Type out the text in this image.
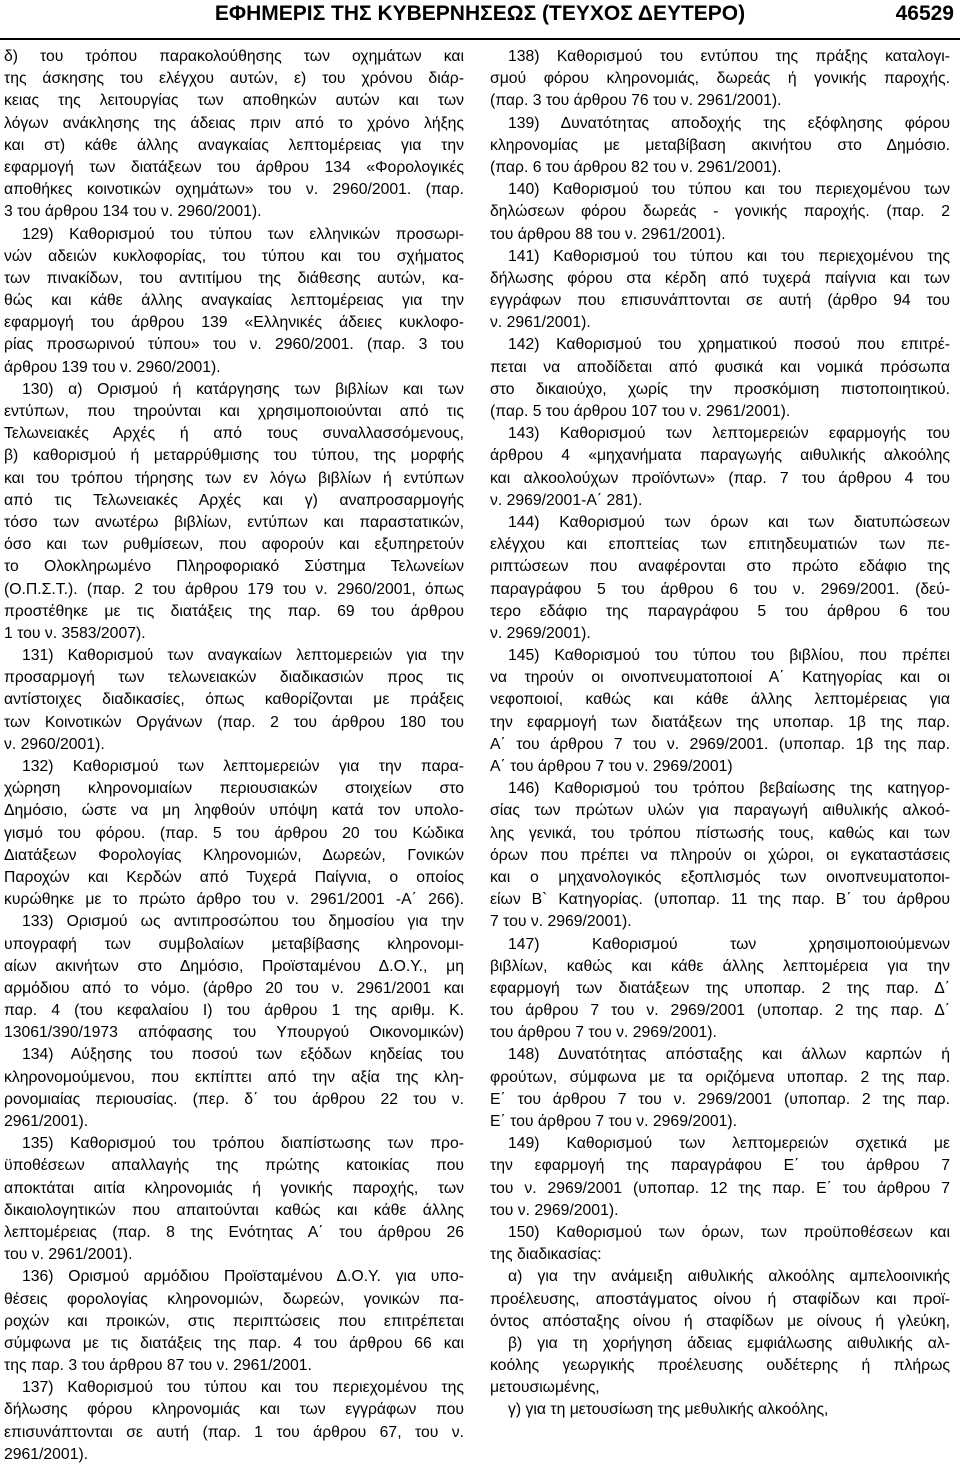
ΕΦΗΜΕΡΙΣ ΤΗΣ ΚΥΒΕΡΝΗΣΕΩΣ (ΤΕΥΧΟΣ ΔΕΥΤΕΡΟ)	46529
δ) του τρόπου παρακολούθησης των οχημάτων και
της άσκησης του ελέγχου αυτών, ε) του χρόνου διάρ‐
κειας της λειτουργίας των αποθηκών αυτών και των
λόγων ανάκλησης της άδειας πριν από το χρόνο λήξης
και στ) κάθε άλλης αναγκαίας λεπτομέρειας για την
εφαρμογή των διατάξεων του άρθρου 134 «Φορολογικές
αποθήκες κοινοτικών οχημάτων» του ν. 2960/2001. (παρ.
3 του άρθρου 134 του ν. 2960/2001).
129) Καθορισμού του τύπου των ελληνικών προσωρι‐
νών αδειών κυκλοφορίας, του τύπου και του σχήματος
των πινακίδων, του αντιτίμου της διάθεσης αυτών, κα‐
θώς και κάθε άλλης αναγκαίας λεπτομέρειας για την
εφαρμογή του άρθρου 139 «Ελληνικές άδειες κυκλοφο‐
ρίας προσωρινού τύπου» του ν. 2960/2001. (παρ. 3 του
άρθρου 139 του ν. 2960/2001).
130) α) Ορισμού ή κατάργησης των βιβλίων και των
εντύπων, που τηρούνται και χρησιμοποιούνται από τις
Τελωνειακές Αρχές ή από τους συναλλασσόμενους,
β) καθορισμού ή μεταρρύθμισης του τύπου, της μορφής
και του τρόπου τήρησης των εν λόγω βιβλίων ή εντύπων
από τις Τελωνειακές Αρχές και γ) αναπροσαρμογής
τόσο των ανωτέρω βιβλίων, εντύπων και παραστατικών,
όσο και των ρυθμίσεων, που αφορούν και εξυπηρετούν
το Ολοκληρωμένο Πληροφοριακό Σύστημα Τελωνείων
(Ο.Π.Σ.Τ.). (παρ. 2 του άρθρου 179 του ν. 2960/2001, όπως
προστέθηκε με τις διατάξεις της παρ. 69 του άρθρου
1 του ν. 3583/2007).
131) Καθορισμού των αναγκαίων λεπτομερειών για την
προσαρμογή των τελωνειακών διαδικασιών προς τις
αντίστοιχες διαδικασίες, όπως καθορίζονται με πράξεις
των Κοινοτικών Οργάνων (παρ. 2 του άρθρου 180 του
ν. 2960/2001).
132) Καθορισμού των λεπτομερειών για την παρα‐
χώρηση κληρονομιαίων περιουσιακών στοιχείων στο
Δημόσιο, ώστε να μη ληφθούν υπόψη κατά τον υπολο‐
γισμό του φόρου. (παρ. 5 του άρθρου 20 του Κώδικα
Διατάξεων Φορολογίας Κληρονομιών, Δωρεών, Γονικών
Παροχών και Κερδών από Τυχερά Παίγνια, ο οποίος
κυρώθηκε με το πρώτο άρθρο του ν. 2961/2001 ‐Α΄ 266).
133) Ορισμού ως αντιπροσώπου του δημοσίου για την
υπογραφή των συμβολαίων μεταβίβασης κληρονομι‐
αίων ακινήτων στο Δημόσιο, Προϊσταμένου Δ.Ο.Υ., μη
αρμόδιου από το νόμο. (άρθρο 20 του ν. 2961/2001 και
παρ. 4 (του κεφαλαίου Ι) του άρθρου 1 της αριθμ. Κ.
13061/390/1973 απόφασης του Υπουργού Οικονομικών)
134) Αύξησης του ποσού των εξόδων κηδείας του
κληρονομούμενου, που εκπίπτει από την αξία της κλη‐
ρονομιαίας περιουσίας. (περ. δ΄ του άρθρου 22 του ν.
2961/2001).
135) Καθορισμού του τρόπου διαπίστωσης των προ‐
ϋποθέσεων απαλλαγής της πρώτης κατοικίας που
αποκτάται αιτία κληρονομιάς ή γονικής παροχής, των
δικαιολογητικών που απαιτούνται καθώς και κάθε άλλης
λεπτομέρειας (παρ. 8 της Ενότητας Α΄ του άρθρου 26
του ν. 2961/2001).
136) Ορισμού αρμόδιου Προϊσταμένου Δ.Ο.Υ. για υπο‐
θέσεις φορολογίας κληρονομιών, δωρεών, γονικών πα‐
ροχών και προικών, στις περιπτώσεις που επιτρέπεται
σύμφωνα με τις διατάξεις της παρ. 4 του άρθρου 66 και
της παρ. 3 του άρθρου 87 του ν. 2961/2001.
137) Καθορισμού του τύπου και του περιεχομένου της
δήλωσης φόρου κληρονομιάς και των εγγράφων που
επισυνάπτονται σε αυτή (παρ. 1 του άρθρου 67, του ν.
2961/2001).
138) Καθορισμού του εντύπου της πράξης καταλογι‐
σμού φόρου κληρονομιάς, δωρεάς ή γονικής παροχής.
(παρ. 3 του άρθρου 76 του ν. 2961/2001).
139) Δυνατότητας αποδοχής της εξόφλησης φόρου
κληρονομίας με μεταβίβαση ακινήτου στο Δημόσιο.
(παρ. 6 του άρθρου 82 του ν. 2961/2001).
140) Καθορισμού του τύπου και του περιεχομένου των
δηλώσεων φόρου δωρεάς ‐ γονικής παροχής. (παρ. 2
του άρθρου 88 του ν. 2961/2001).
141) Καθορισμού του τύπου και του περιεχομένου της
δήλωσης φόρου στα κέρδη από τυχερά παίγνια και των
εγγράφων που επισυνάπτονται σε αυτή (άρθρο 94 του
ν. 2961/2001).
142) Καθορισμού του χρηματικού ποσού που επιτρέ‐
πεται να αποδίδεται από φυσικά και νομικά πρόσωπα
στο δικαιούχο, χωρίς την προσκόμιση πιστοποιητικού.
(παρ. 5 του άρθρου 107 του ν. 2961/2001).
143) Καθορισμού των λεπτομερειών εφαρμογής του
άρθρου 4 «μηχανήματα παραγωγής αιθυλικής αλκοόλης
και αλκοολούχων προϊόντων» (παρ. 7 του άρθρου 4 του
ν. 2969/2001‐Α΄ 281).
144) Καθορισμού των όρων και των διατυπώσεων
ελέγχου και εποπτείας των επιτηδευματιών των πε‐
ριπτώσεων που αναφέρονται στο πρώτο εδάφιο της
παραγράφου 5 του άρθρου 6 του ν. 2969/2001. (δεύ‐
τερο εδάφιο της παραγράφου 5 του άρθρου 6 του
ν. 2969/2001).
145) Καθορισμού του τύπου του βιβλίου, που πρέπει
να τηρούν οι οινοπνευματοποιοί Α΄ Κατηγορίας και οι
νεφοποιοί, καθώς και κάθε άλλης λεπτομέρειας για
την εφαρμογή των διατάξεων της υποπαρ. 1β της παρ.
Α΄ του άρθρου 7 του ν. 2969/2001. (υποπαρ. 1β της παρ.
Α΄ του άρθρου 7 του ν. 2969/2001)
146) Καθορισμού του τρόπου βεβαίωσης της κατηγορ‐
σίας των πρώτων υλών για παραγωγή αιθυλικής αλκοό‐
λης γενικά, του τρόπου πίστωσής τους, καθώς και των
όρων που πρέπει να πληρούν οι χώροι, οι εγκαταστάσεις
και ο μηχανολογικός εξοπλισμός των οινοπνευματοποι‐
είων Β` Κατηγορίας. (υποπαρ. 11 της παρ. Β΄ του άρθρου
7 του ν. 2969/2001).
147) Καθορισμού των χρησιμοποιούμενων
βιβλίων, καθώς και κάθε άλλης λεπτομέρεια για την
εφαρμογή των διατάξεων της υποπαρ. 2 της παρ. Δ΄
του άρθρου 7 του ν. 2969/2001 (υποπαρ. 2 της παρ. Δ΄
του άρθρου 7 του ν. 2969/2001).
148) Δυνατότητας απόσταξης και άλλων καρπών ή
φρούτων, σύμφωνα με τα οριζόμενα υποπαρ. 2 της παρ.
Ε΄ του άρθρου 7 του ν. 2969/2001 (υποπαρ. 2 της παρ.
Ε΄ του άρθρου 7 του ν. 2969/2001).
149) Καθορισμού των λεπτομερειών σχετικά με
την εφαρμογή της παραγράφου Ε΄ του άρθρου 7
του ν. 2969/2001 (υποπαρ. 12 της παρ. Ε΄ του άρθρου 7
του ν. 2969/2001).
150) Καθορισμού των όρων, των προϋποθέσεων και
της διαδικασίας:
α) για την ανάμειξη αιθυλικής αλκοόλης αμπελοοινικής
προέλευσης, αποστάγματος οίνου ή σταφίδων και προϊ‐
όντος απόσταξης οίνου ή σταφίδων με οίνους ή γλεύκη,
β) για τη χορήγηση άδειας εμφιάλωσης αιθυλικής αλ‐
κοόλης γεωργικής προέλευσης ουδέτερης ή πλήρως
μετουσιωμένης,
γ) για τη μετουσίωση της μεθυλικής αλκοόλης,
